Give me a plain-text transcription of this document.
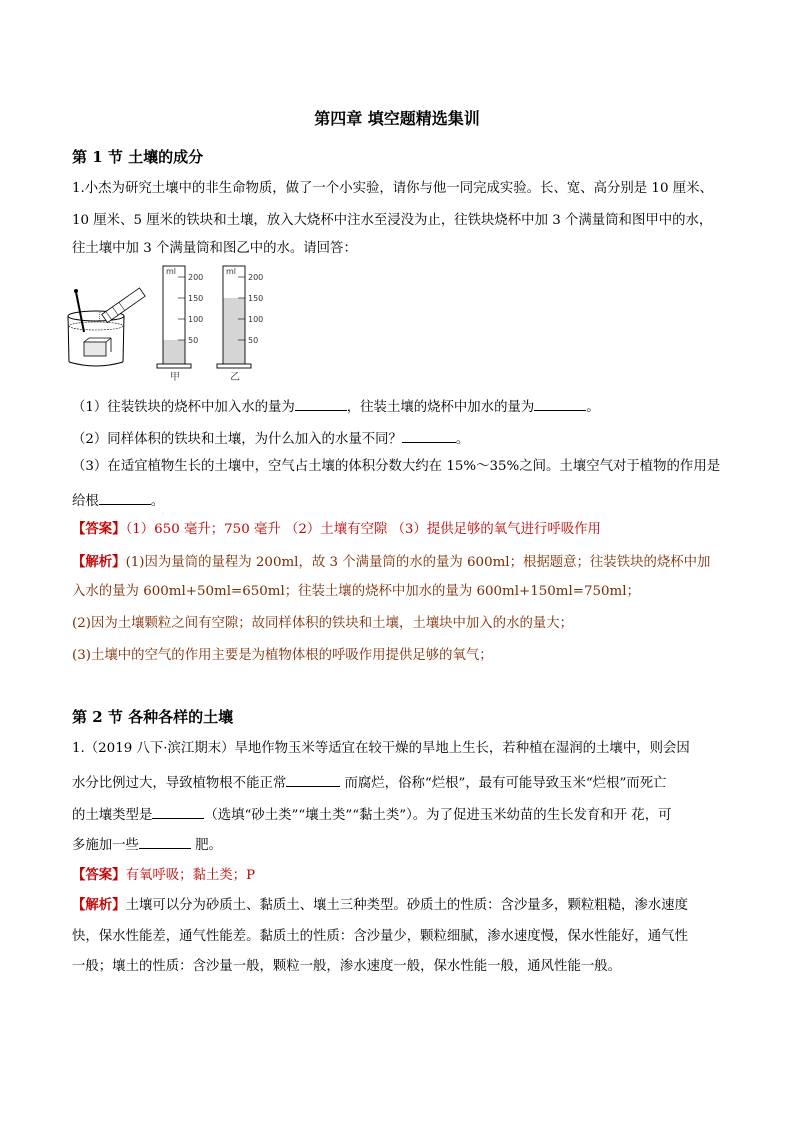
第四章 填空题精选集训
第 1 节 土壤的成分
1.小杰为研究土壤中的非生命物质，做了一个小实验，请你与他一同完成实验。长、宽、高分别是 10 厘米、
10 厘米、5 厘米的铁块和土壤，放入大烧杯中注水至浸没为止，往铁块烧杯中加 3 个满量筒和图甲中的水，
往土壤中加 3 个满量筒和图乙中的水。请回答：
ml
200
150
100
50
甲
ml
200
150
100
50
乙
（1）往装铁块的烧杯中加入水的量为	，往装土壤的烧杯中加水的量为	。
（2）同样体积的铁块和土壤，为什么加入的水量不同？	。
（3）在适宜植物生长的土壤中，空气占土壤的体积分数大约在 15%～35%之间。土壤空气对于植物的作用是
给根	。
【答案】（1）650 毫升；750 毫升 （2）土壤有空隙 （3）提供足够的氧气进行呼吸作用
【解析】(1)因为量筒的量程为 200ml，故 3 个满量筒的水的量为 600ml；根据题意；往装铁块的烧杯中加
入水的量为 600ml+50ml=650ml；往装土壤的烧杯中加水的量为 600ml+150ml=750ml；
(2)因为土壤颗粒之间有空隙；故同样体积的铁块和土壤，土壤块中加入的水的量大；
(3)土壤中的空气的作用主要是为植物体根的呼吸作用提供足够的氧气；
第 2 节 各种各样的土壤
1.（2019 八下·滨江期末）旱地作物玉米等适宜在较干燥的旱地上生长，若种植在湿润的土壤中，则会因
水分比例过大，导致植物根不能正常	而腐烂，俗称“烂根”，最有可能导致玉米“烂根”而死亡
的土壤类型是	（选填“砂土类”“壤土类”“黏土类”）。为了促进玉米幼苗的生长发育和开 花，可
多施加一些	肥。
【答案】有氧呼吸；黏土类；P
【解析】土壤可以分为砂质土、黏质土、壤土三种类型。砂质土的性质：含沙量多，颗粒粗糙，渗水速度
快，保水性能差，通气性能差。黏质土的性质：含沙量少，颗粒细腻，渗水速度慢，保水性能好，通气性
一般；壤土的性质：含沙量一般，颗粒一般，渗水速度一般，保水性能一般，通风性能一般。
